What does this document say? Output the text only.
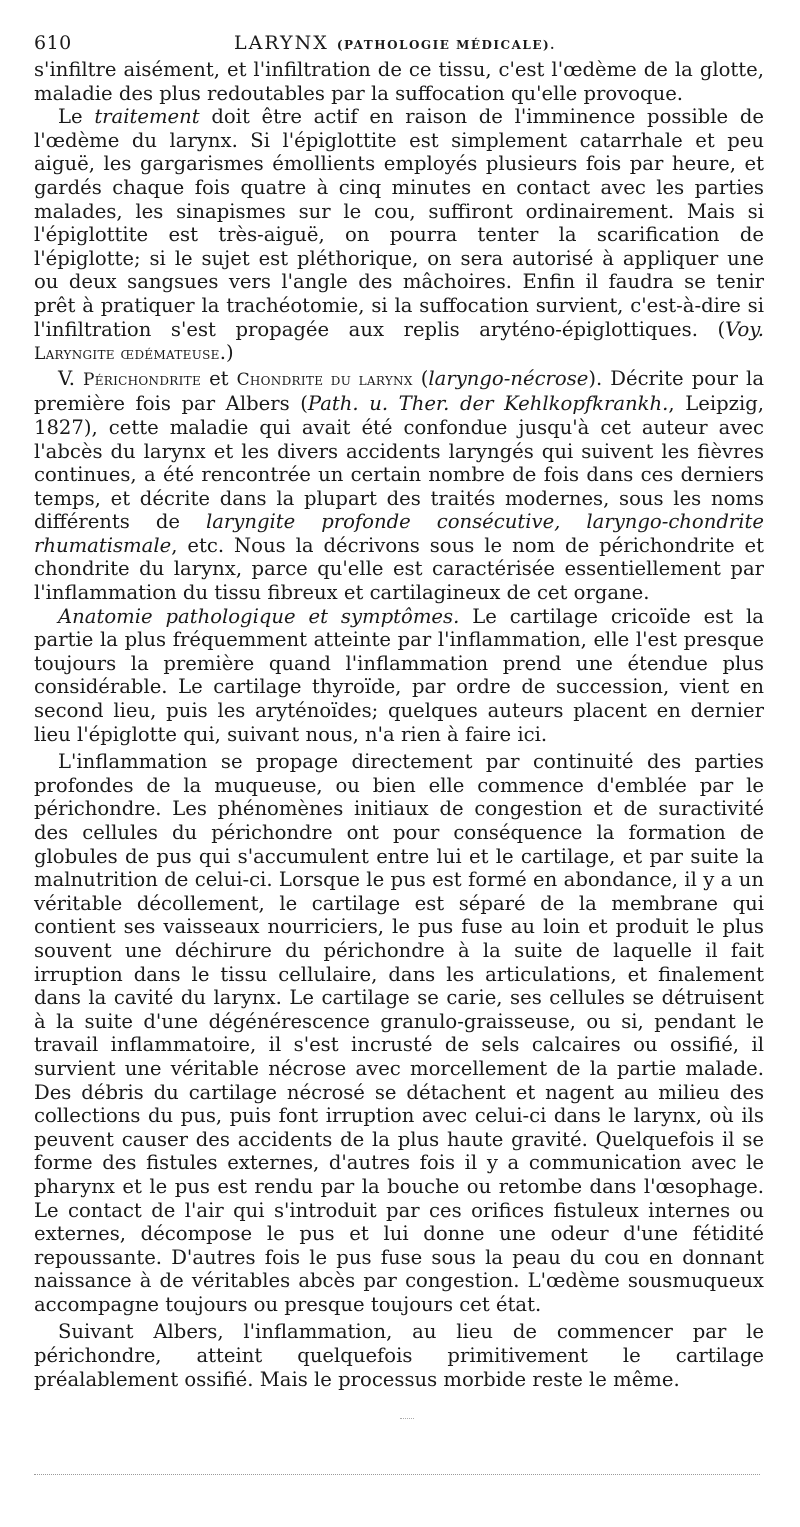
610	LARYNX (PATHOLOGIE MÉDICALE).

s'infiltre aisément, et l'infiltration de ce tissu, c'est l'œdème de la glotte, maladie des plus redoutables par la suffocation qu'elle provoque.

Le traitement doit être actif en raison de l'imminence possible de l'œdème du larynx. Si l'épiglottite est simplement catarrhale et peu aiguë, les gargarismes émollients employés plusieurs fois par heure, et gardés chaque fois quatre à cinq minutes en contact avec les parties malades, les sinapismes sur le cou, suffiront ordinairement. Mais si l'épiglottite est très-aiguë, on pourra tenter la scarification de l'épiglotte; si le sujet est pléthorique, on sera autorisé à appliquer une ou deux sangsues vers l'angle des mâchoires. Enfin il faudra se tenir prêt à pratiquer la trachéotomie, si la suffocation survient, c'est-à-dire si l'infiltration s'est propagée aux replis aryténo-épiglottiques. (Voy. Laryngite œdémateuse.)

V. Périchondrite et Chondrite du larynx (laryngo-nécrose). Décrite pour la première fois par Albers (Path. u. Ther. der Kehlkopfkrankh., Leipzig, 1827), cette maladie qui avait été confondue jusqu'à cet auteur avec l'abcès du larynx et les divers accidents laryngés qui suivent les fièvres continues, a été rencontrée un certain nombre de fois dans ces derniers temps, et décrite dans la plupart des traités modernes, sous les noms différents de laryngite profonde consécutive, laryngo-chondrite rhumatismale, etc. Nous la décrivons sous le nom de périchondrite et chondrite du larynx, parce qu'elle est caractérisée essentiellement par l'inflammation du tissu fibreux et cartilagineux de cet organe.

Anatomie pathologique et symptômes. Le cartilage cricoïde est la partie la plus fréquemment atteinte par l'inflammation, elle l'est presque toujours la première quand l'inflammation prend une étendue plus considérable. Le cartilage thyroïde, par ordre de succession, vient en second lieu, puis les aryténoïdes; quelques auteurs placent en dernier lieu l'épiglotte qui, suivant nous, n'a rien à faire ici.

L'inflammation se propage directement par continuité des parties profondes de la muqueuse, ou bien elle commence d'emblée par le périchondre. Les phénomènes initiaux de congestion et de suractivité des cellules du périchondre ont pour conséquence la formation de globules de pus qui s'accumulent entre lui et le cartilage, et par suite la malnutrition de celui-ci. Lorsque le pus est formé en abondance, il y a un véritable décollement, le cartilage est séparé de la membrane qui contient ses vaisseaux nourriciers, le pus fuse au loin et produit le plus souvent une déchirure du périchondre à la suite de laquelle il fait irruption dans le tissu cellulaire, dans les articulations, et finalement dans la cavité du larynx. Le cartilage se carie, ses cellules se détruisent à la suite d'une dégénérescence granulo-graisseuse, ou si, pendant le travail inflammatoire, il s'est incrusté de sels calcaires ou ossifié, il survient une véritable nécrose avec morcellement de la partie malade. Des débris du cartilage nécrosé se détachent et nagent au milieu des collections du pus, puis font irruption avec celui-ci dans le larynx, où ils peuvent causer des accidents de la plus haute gravité. Quelquefois il se forme des fistules externes, d'autres fois il y a communication avec le pharynx et le pus est rendu par la bouche ou retombe dans l'œsophage. Le contact de l'air qui s'introduit par ces orifices fistuleux internes ou externes, décompose le pus et lui donne une odeur d'une fétidité repoussante. D'autres fois le pus fuse sous la peau du cou en donnant naissance à de véritables abcès par congestion. L'œdème sousmuqueux accompagne toujours ou presque toujours cet état.

Suivant Albers, l'inflammation, au lieu de commencer par le périchondre, atteint quelquefois primitivement le cartilage préalablement ossifié. Mais le processus morbide reste le même.
